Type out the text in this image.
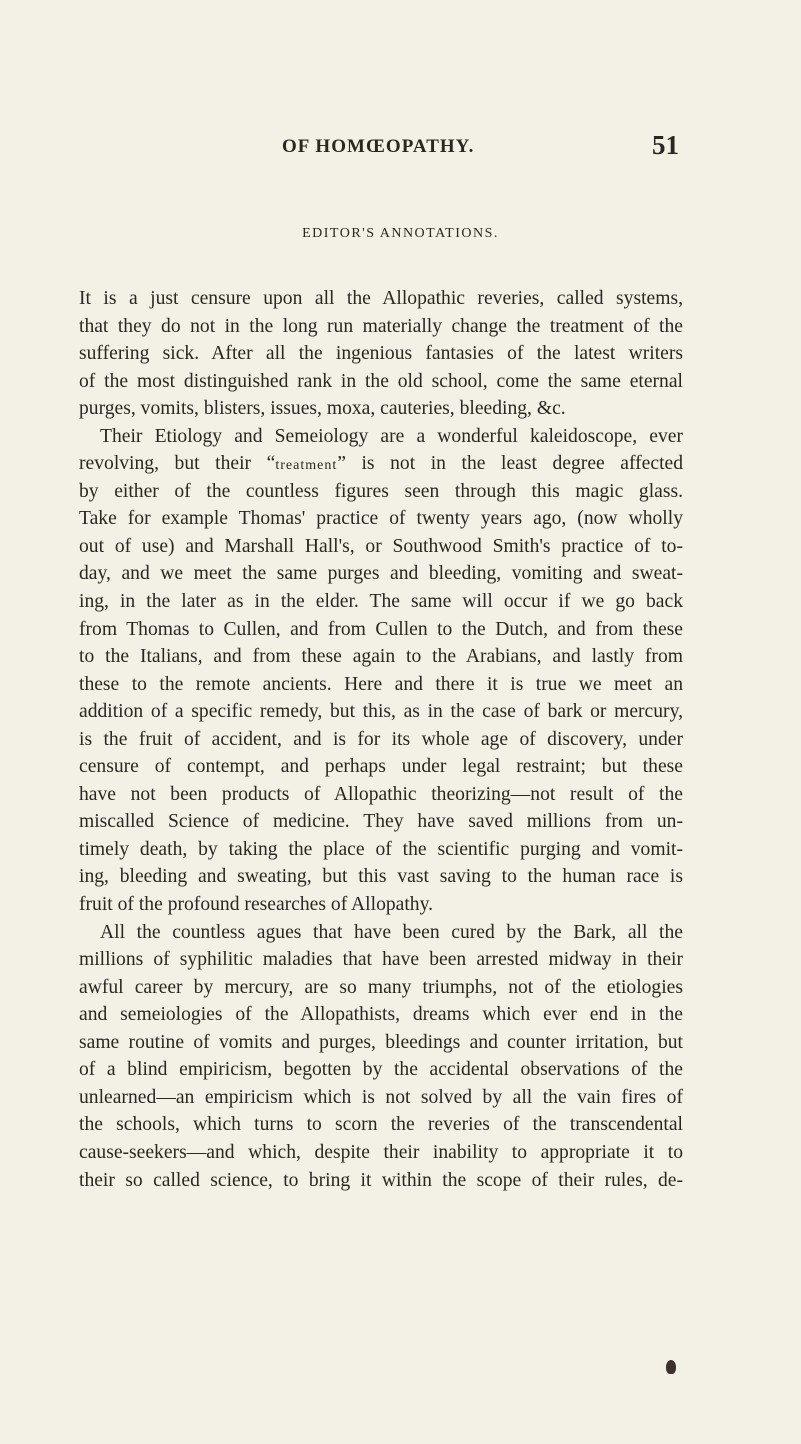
OF HOMŒOPATHY.	51
EDITOR'S ANNOTATIONS.
It is a just censure upon all the Allopathic reveries, called systems,
that they do not in the long run materially change the treatment of the
suffering sick. After all the ingenious fantasies of the latest writers
of the most distinguished rank in the old school, come the same eternal
purges, vomits, blisters, issues, moxa, cauteries, bleeding, &c.
Their Etiology and Semeiology are a wonderful kaleidoscope, ever
revolving, but their “treatment” is not in the least degree affected
by either of the countless figures seen through this magic glass.
Take for example Thomas' practice of twenty years ago, (now wholly
out of use) and Marshall Hall's, or Southwood Smith's practice of to-
day, and we meet the same purges and bleeding, vomiting and sweat-
ing, in the later as in the elder. The same will occur if we go back
from Thomas to Cullen, and from Cullen to the Dutch, and from these
to the Italians, and from these again to the Arabians, and lastly from
these to the remote ancients. Here and there it is true we meet an
addition of a specific remedy, but this, as in the case of bark or mercury,
is the fruit of accident, and is for its whole age of discovery, under
censure of contempt, and perhaps under legal restraint; but these
have not been products of Allopathic theorizing—not result of the
miscalled Science of medicine. They have saved millions from un-
timely death, by taking the place of the scientific purging and vomit-
ing, bleeding and sweating, but this vast saving to the human race is
fruit of the profound researches of Allopathy.
All the countless agues that have been cured by the Bark, all the
millions of syphilitic maladies that have been arrested midway in their
awful career by mercury, are so many triumphs, not of the etiologies
and semeiologies of the Allopathists, dreams which ever end in the
same routine of vomits and purges, bleedings and counter irritation, but
of a blind empiricism, begotten by the accidental observations of the
unlearned—an empiricism which is not solved by all the vain fires of
the schools, which turns to scorn the reveries of the transcendental
cause-seekers—and which, despite their inability to appropriate it to
their so called science, to bring it within the scope of their rules, de-
